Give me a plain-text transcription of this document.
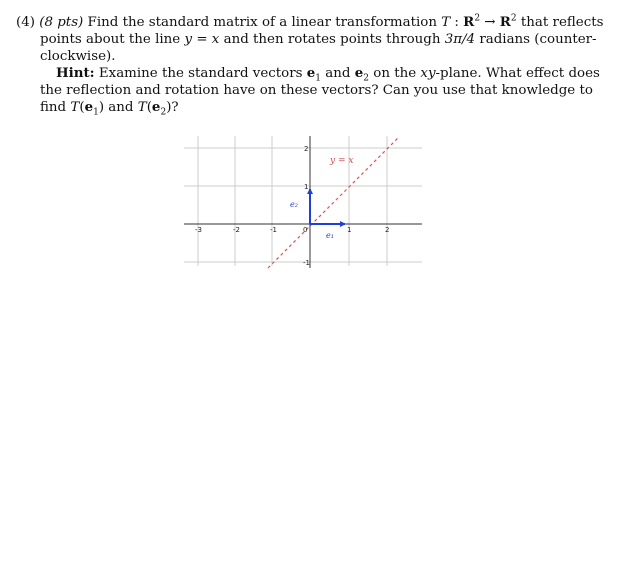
(4) (8 pts) Find the standard matrix of a linear transformation T : $R^2 \to R^2$ that reflects points about the line y = x and then rotates points through 3π/4 radians (counter-clockwise).

Hint: Examine the standard vectors $e_1$ and $e_2$ on the xy-plane. What effect does the reflection and rotation have on these vectors? Can you use that knowledge to find $T(e_1)$ and $T(e_2)$?

-3	-2	-1	0	1	2
2
1
-1
y = x
e₁
e₂
